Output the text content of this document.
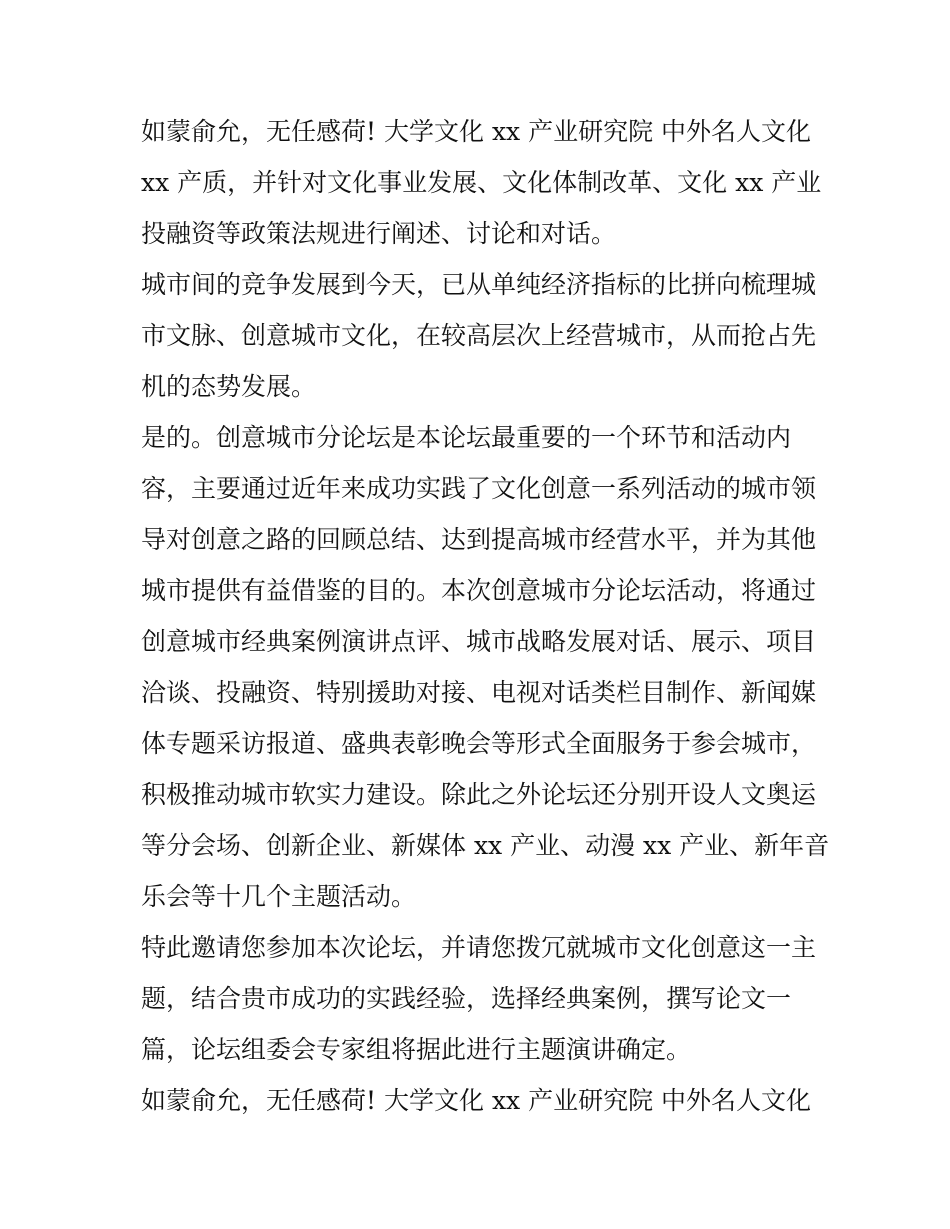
如蒙俞允，无任感荷! 大学文化 xx 产业研究院 中外名人文化
xx 产质，并针对文化事业发展、文化体制改革、文化 xx 产业
投融资等政策法规进行阐述、讨论和对话。
城市间的竞争发展到今天，已从单纯经济指标的比拼向梳理城
市文脉、创意城市文化，在较高层次上经营城市，从而抢占先
机的态势发展。
是的。创意城市分论坛是本论坛最重要的一个环节和活动内
容，主要通过近年来成功实践了文化创意一系列活动的城市领
导对创意之路的回顾总结、达到提高城市经营水平，并为其他
城市提供有益借鉴的目的。本次创意城市分论坛活动，将通过
创意城市经典案例演讲点评、城市战略发展对话、展示、项目
洽谈、投融资、特别援助对接、电视对话类栏目制作、新闻媒
体专题采访报道、盛典表彰晚会等形式全面服务于参会城市，
积极推动城市软实力建设。除此之外论坛还分别开设人文奥运
等分会场、创新企业、新媒体 xx 产业、动漫 xx 产业、新年音
乐会等十几个主题活动。
特此邀请您参加本次论坛，并请您拨冗就城市文化创意这一主
题，结合贵市成功的实践经验，选择经典案例，撰写论文一
篇，论坛组委会专家组将据此进行主题演讲确定。
如蒙俞允，无任感荷! 大学文化 xx 产业研究院 中外名人文化
